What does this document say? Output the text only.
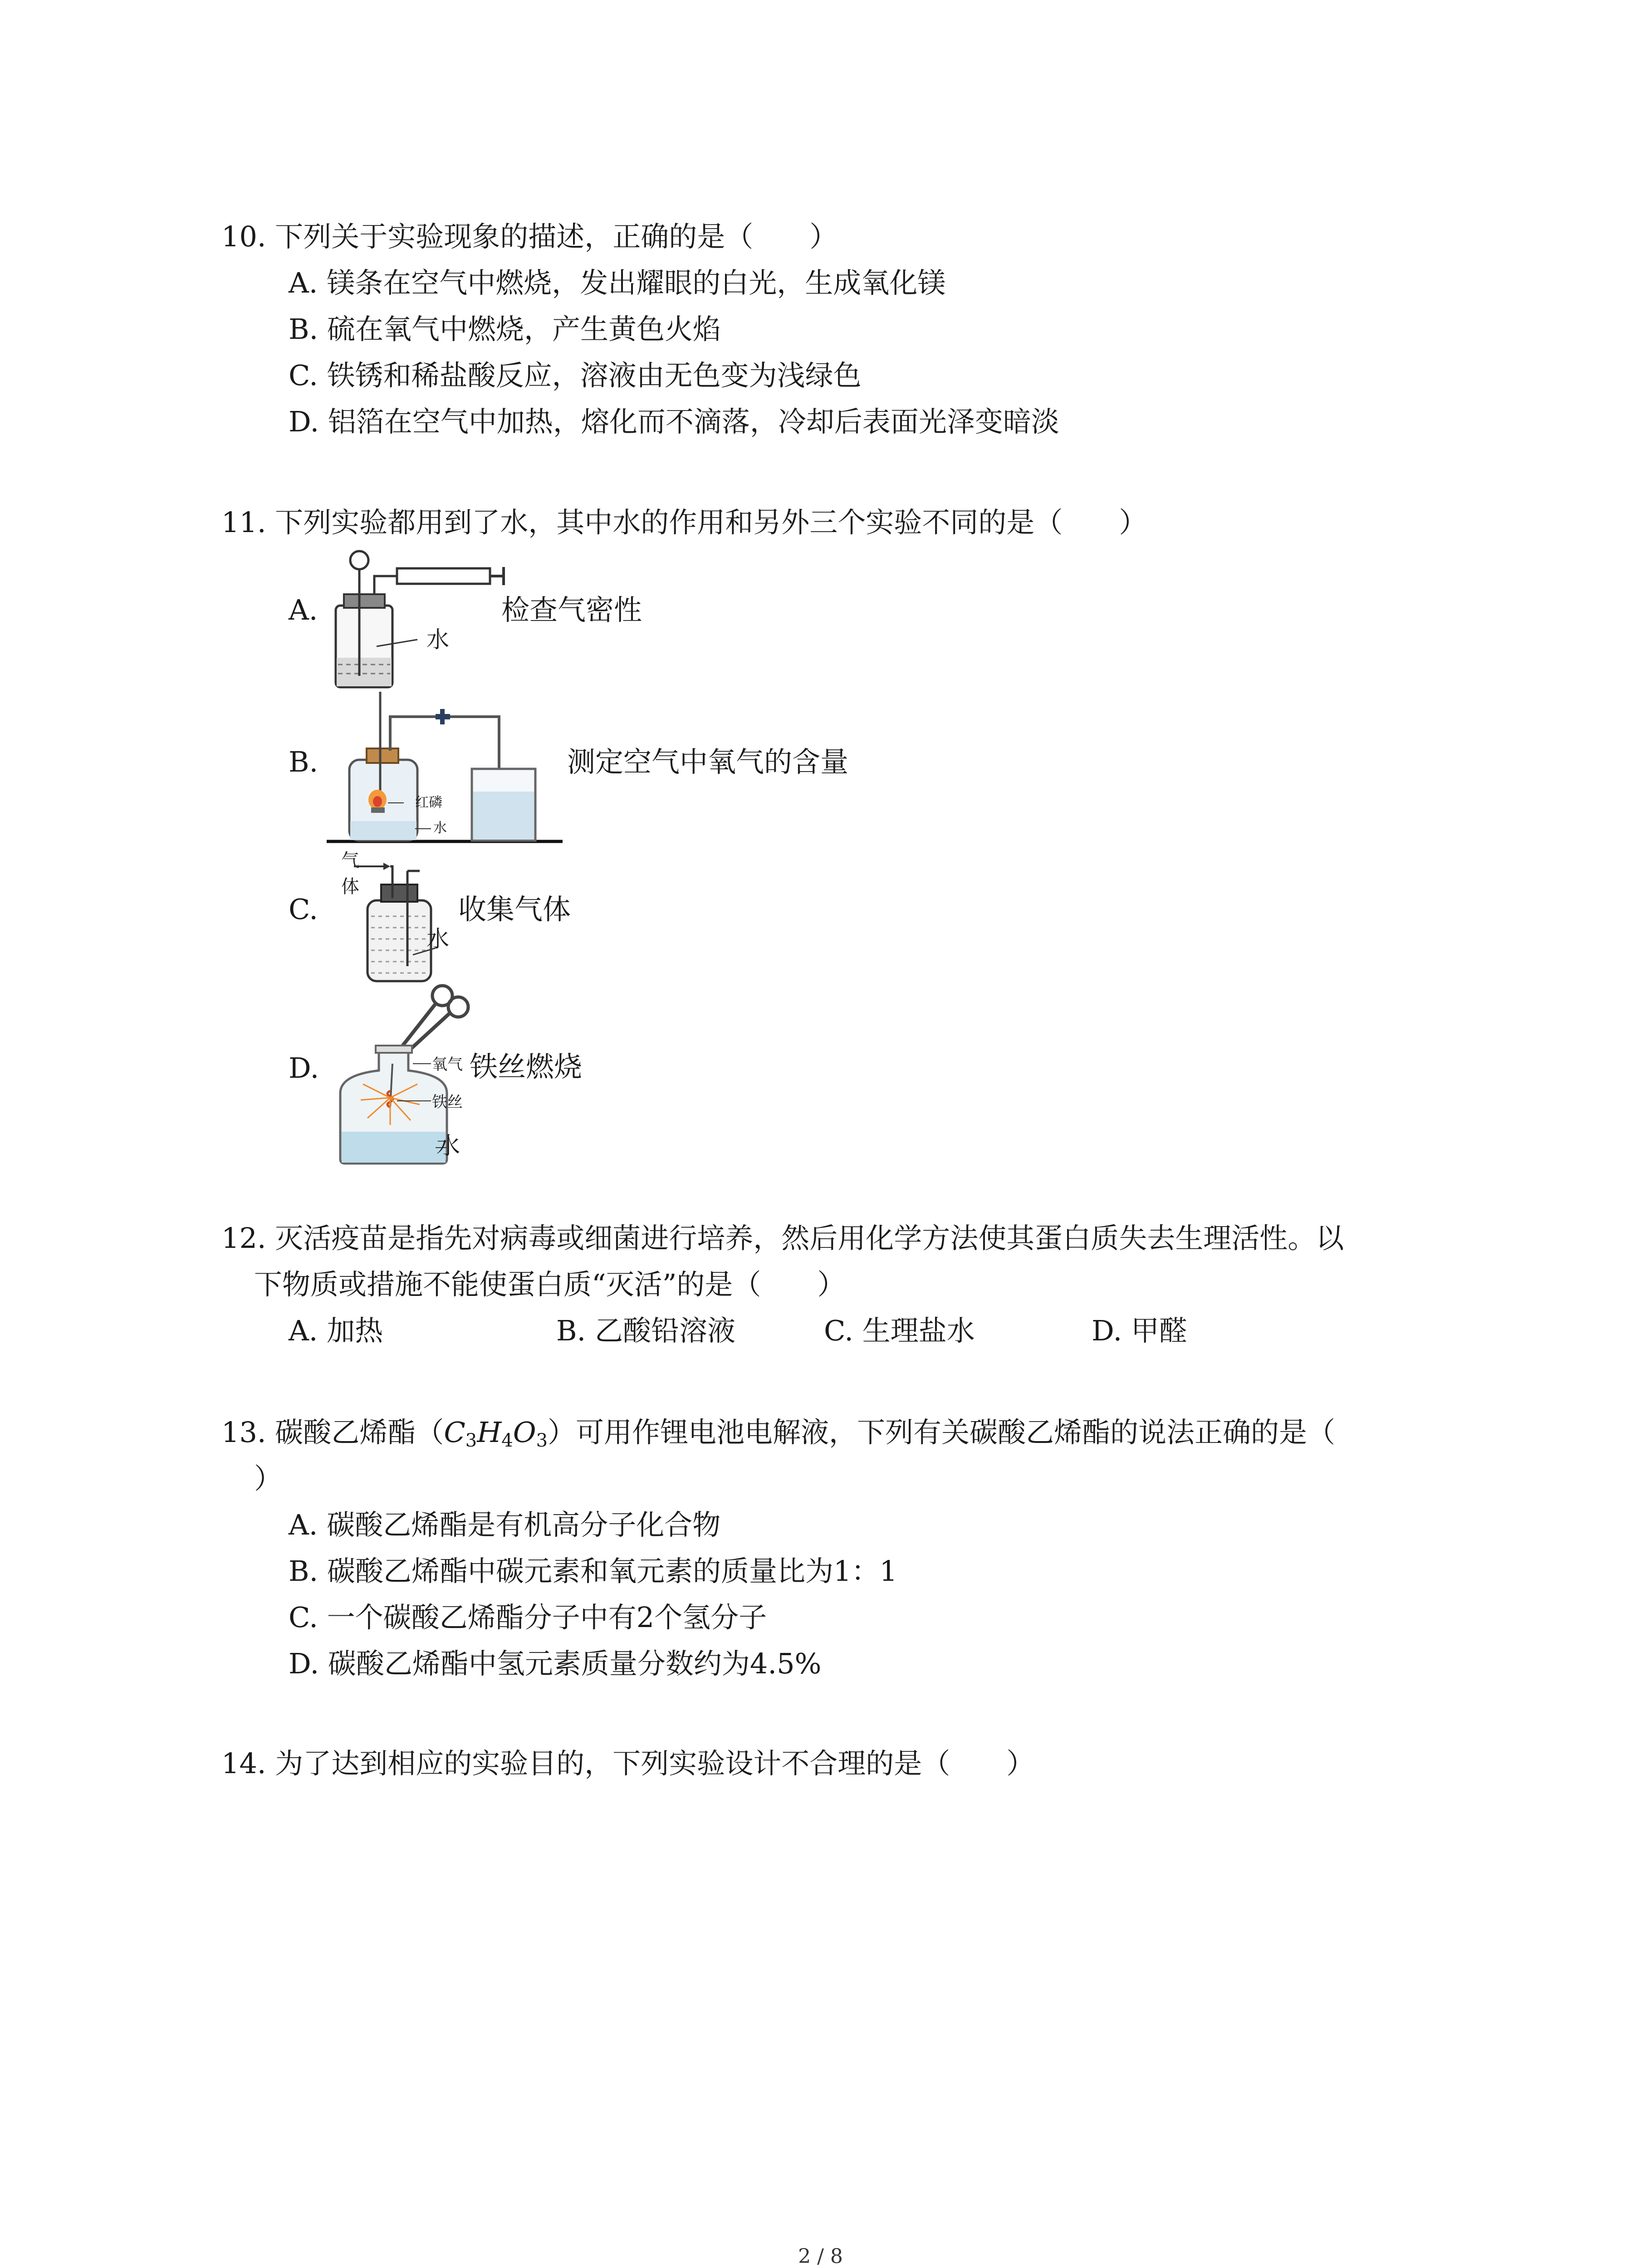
10. 下列关于实验现象的描述，正确的是（　　）
A. 镁条在空气中燃烧，发出耀眼的白光，生成氧化镁
B. 硫在氧气中燃烧，产生黄色火焰
C. 铁锈和稀盐酸反应，溶液由无色变为浅绿色
D. 铝箔在空气中加热，熔化而不滴落，冷却后表面光泽变暗淡
11. 下列实验都用到了水，其中水的作用和另外三个实验不同的是（　　）
A.
水
检查气密性
B.
红磷
水
测定空气中氧气的含量
C.
气
体
水
收集气体
D.	氧气
铁丝
水
铁丝燃烧
12. 灭活疫苗是指先对病毒或细菌进行培养，然后用化学方法使其蛋白质失去生理活性。以
下物质或措施不能使蛋白质“灭活”的是（　　）
A. 加热	B. 乙酸铅溶液	C. 生理盐水	D. 甲醛
13. 碳酸乙烯酯$(C_3H_4O_3)$可用作锂电池电解液，下列有关碳酸乙烯酯的说法正确的是（
）
A. 碳酸乙烯酯是有机高分子化合物
B. 碳酸乙烯酯中碳元素和氧元素的质量比为1：1
C. 一个碳酸乙烯酯分子中有2个氢分子
D. 碳酸乙烯酯中氢元素质量分数约为4.5%
14. 为了达到相应的实验目的，下列实验设计不合理的是（　　）
2 / 8
